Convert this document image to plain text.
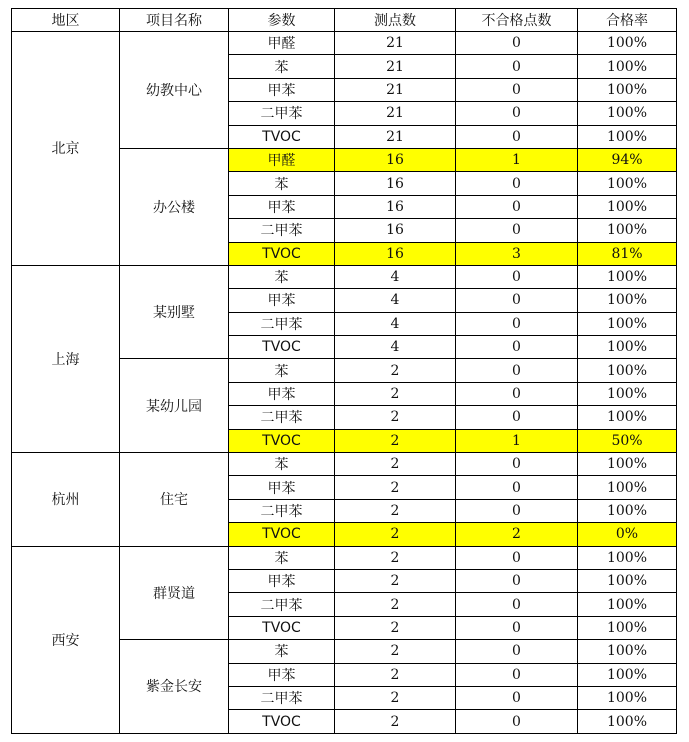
地区	项目名称	参数	测点数	不合格点数	合格率
北京	幼教中心	甲醛	21	0	100%
		苯	21	0	100%
		甲苯	21	0	100%
		二甲苯	21	0	100%
		TVOC	21	0	100%
	办公楼	甲醛	16	1	94%
		苯	16	0	100%
		甲苯	16	0	100%
		二甲苯	16	0	100%
		TVOC	16	3	81%
上海	某别墅	苯	4	0	100%
		甲苯	4	0	100%
		二甲苯	4	0	100%
		TVOC	4	0	100%
	某幼儿园	苯	2	0	100%
		甲苯	2	0	100%
		二甲苯	2	0	100%
		TVOC	2	1	50%
杭州	住宅	苯	2	0	100%
		甲苯	2	0	100%
		二甲苯	2	0	100%
		TVOC	2	2	0%
西安	群贤道	苯	2	0	100%
		甲苯	2	0	100%
		二甲苯	2	0	100%
		TVOC	2	0	100%
	紫金长安	苯	2	0	100%
		甲苯	2	0	100%
		二甲苯	2	0	100%
		TVOC	2	0	100%
